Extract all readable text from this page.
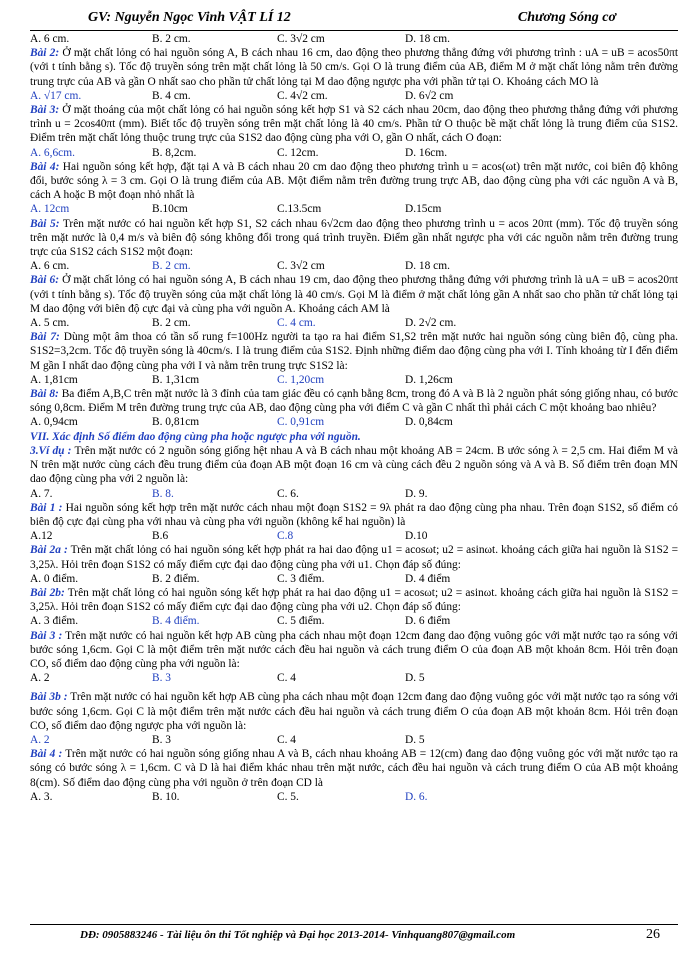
GV: Nguyễn Ngọc Vinh VẬT LÍ 12	Chương Sóng cơ
A. 6 cm.	B. 2 cm.	C. 3√2 cm	D. 18 cm.

Bài 2: Ở mặt chất lỏng có hai nguồn sóng A, B cách nhau 16 cm, dao động theo phương thẳng đứng với phương trình : uA = uB = acos50πt (với t tính bằng s). Tốc độ truyền sóng trên mặt chất lỏng là 50 cm/s. Gọi O là trung điểm của AB, điểm M ở mặt chất lỏng nằm trên đường trung trực của AB và gần O nhất sao cho phần tử chất lỏng tại M dao động ngược pha với phần tử tại O. Khoảng cách MO là

A. √17 cm.	B. 4 cm.	C. 4√2 cm.	D. 6√2 cm

Bài 3: Ở mặt thoáng của một chất lỏng có hai nguồn sóng kết hợp S1 và S2 cách nhau 20cm, dao động theo phương thẳng đứng với phương trình u = 2cos40πt (mm). Biết tốc độ truyền sóng trên mặt chất lỏng là 40 cm/s. Phần tử O thuộc bề mặt chất lỏng là trung điểm của S1S2. Điểm trên mặt chất lỏng thuộc trung trực của S1S2 dao động cùng pha với O, gần O nhất, cách O đoạn:

A. 6,6cm.	B. 8,2cm.	C. 12cm.	D. 16cm.

Bài 4: Hai nguồn sóng kết hợp, đặt tại A và B cách nhau 20 cm dao động theo phương trình u = acos(ωt) trên mặt nước, coi biên độ không đổi, bước sóng λ = 3 cm. Gọi O là trung điểm của AB. Một điểm nằm trên đường trung trực AB, dao động cùng pha với các nguồn A và B, cách A hoặc B một đoạn nhỏ nhất là

A. 12cm	B.10cm	C.13.5cm	D.15cm

Bài 5: Trên mặt nước có hai nguồn kết hợp S1, S2 cách nhau 6√2cm dao động theo phương trình u = acos 20πt (mm). Tốc độ truyền sóng trên mặt nước là 0,4 m/s và biên độ sóng không đổi trong quá trình truyền. Điểm gần nhất ngược pha với các nguồn nằm trên đường trung trực của S1S2 cách S1S2 một đoạn:

A. 6 cm.	B. 2 cm.	C. 3√2 cm	D. 18 cm.

Bài 6: Ở mặt chất lỏng có hai nguồn sóng A, B cách nhau 19 cm, dao động theo phương thẳng đứng với phương trình là uA = uB = acos20πt (với t tính bằng s). Tốc độ truyền sóng của mặt chất lỏng là 40 cm/s. Gọi M là điểm ở mặt chất lỏng gần A nhất sao cho phần tử chất lỏng tại M dao động với biên độ cực đại và cùng pha với nguồn A. Khoảng cách AM là

A. 5 cm.	B. 2 cm.	C. 4 cm.	D. 2√2 cm.

Bài 7: Dùng một âm thoa có tần số rung f=100Hz người ta tạo ra hai điểm S1,S2 trên mặt nước hai nguồn sóng cùng biên độ, cùng pha. S1S2=3,2cm. Tốc độ truyền sóng là 40cm/s. I là trung điểm của S1S2. Định những điểm dao động cùng pha với I. Tính khoảng từ I đến điểm M gần I nhất dao động cùng pha với I và nằm trên trung trực S1S2 là:

A. 1,81cm	B. 1,31cm	C. 1,20cm	D. 1,26cm

Bài 8: Ba điểm A,B,C trên mặt nước là 3 đỉnh của tam giác đều có cạnh bằng 8cm, trong đó A và B là 2 nguồn phát sóng giống nhau, có bước sóng 0,8cm. Điểm M trên đường trung trực của AB, dao động cùng pha với điểm C và gần C nhất thì phải cách C một khoảng bao nhiêu?

A. 0,94cm	B. 0,81cm	C. 0,91cm	D. 0,84cm

VII. Xác định Số điểm dao động cùng pha hoặc ngược pha với nguồn.

3.Ví dụ : Trên mặt nước có 2 nguồn sóng giống hệt nhau A và B cách nhau một khoảng AB = 24cm. B ước sóng λ = 2,5 cm. Hai điểm M và N trên mặt nước cùng cách đều trung điểm của đoạn AB một đoạn 16 cm và cùng cách đều 2 nguồn sóng và A và B. Số điểm trên đoạn MN dao động cùng pha với 2 nguồn là:

A. 7.	B. 8.	C. 6.	D. 9.

Bài 1 : Hai nguồn sóng kết hợp trên mặt nước cách nhau một đoạn S1S2 = 9λ phát ra dao động cùng pha nhau. Trên đoạn S1S2, số điểm có biên độ cực đại cùng pha với nhau và cùng pha với nguồn (không kể hai nguồn) là

A.12	B.6	C.8	D.10

Bài 2a : Trên mặt chất lỏng có hai nguồn sóng kết hợp phát ra hai dao động u1 = acosωt; u2 = asinωt. khoảng cách giữa hai nguồn là S1S2 = 3,25λ. Hỏi trên đoạn S1S2 có mấy điểm cực đại dao động cùng pha với u1. Chọn đáp số đúng:

A. 0 điểm.	B. 2 điểm.	C. 3 điểm.	D. 4 điểm

Bài 2b: Trên mặt chất lỏng có hai nguồn sóng kết hợp phát ra hai dao động u1 = acosωt; u2 = asinωt. khoảng cách giữa hai nguồn là S1S2 = 3,25λ. Hỏi trên đoạn S1S2 có mấy điểm cực đại dao động cùng pha với u2. Chọn đáp số đúng:

A. 3 điểm.	B. 4 điểm.	C. 5 điểm.	D. 6 điểm

Bài 3 : Trên mặt nước có hai nguồn kết hợp AB cùng pha cách nhau một đoạn 12cm đang dao động vuông góc với mặt nước tạo ra sóng với bước sóng 1,6cm. Gọi C là một điểm trên mặt nước cách đều hai nguồn và cách trung điểm O của đoạn AB một khoản 8cm. Hỏi trên đoạn CO, số điểm dao động cùng pha với nguồn là:

A. 2	B. 3	C. 4	D. 5

Bài 3b : Trên mặt nước có hai nguồn kết hợp AB cùng pha cách nhau một đoạn 12cm đang dao động vuông góc với mặt nước tạo ra sóng với bước sóng 1,6cm. Gọi C là một điểm trên mặt nước cách đều hai nguồn và cách trung điểm O của đoạn AB một khoản 8cm. Hỏi trên đoạn CO, số điểm dao động ngược pha với nguồn là:

A. 2	B. 3	C. 4	D. 5

Bài 4 : Trên mặt nước có hai nguồn sóng giống nhau A và B, cách nhau khoảng AB = 12(cm) đang dao động vuông góc với mặt nước tạo ra sóng có bước sóng λ = 1,6cm. C và D là hai điểm khác nhau trên mặt nước, cách đều hai nguồn và cách trung điểm O của AB một khoảng 8(cm). Số điểm dao động cùng pha với nguồn ở trên đoạn CD là

A. 3.	B. 10.	C. 5.	D. 6.
DĐ: 0905883246 - Tài liệu ôn thi Tốt nghiệp và Đại học 2013-2014- Vinhquang807@gmail.com	26
